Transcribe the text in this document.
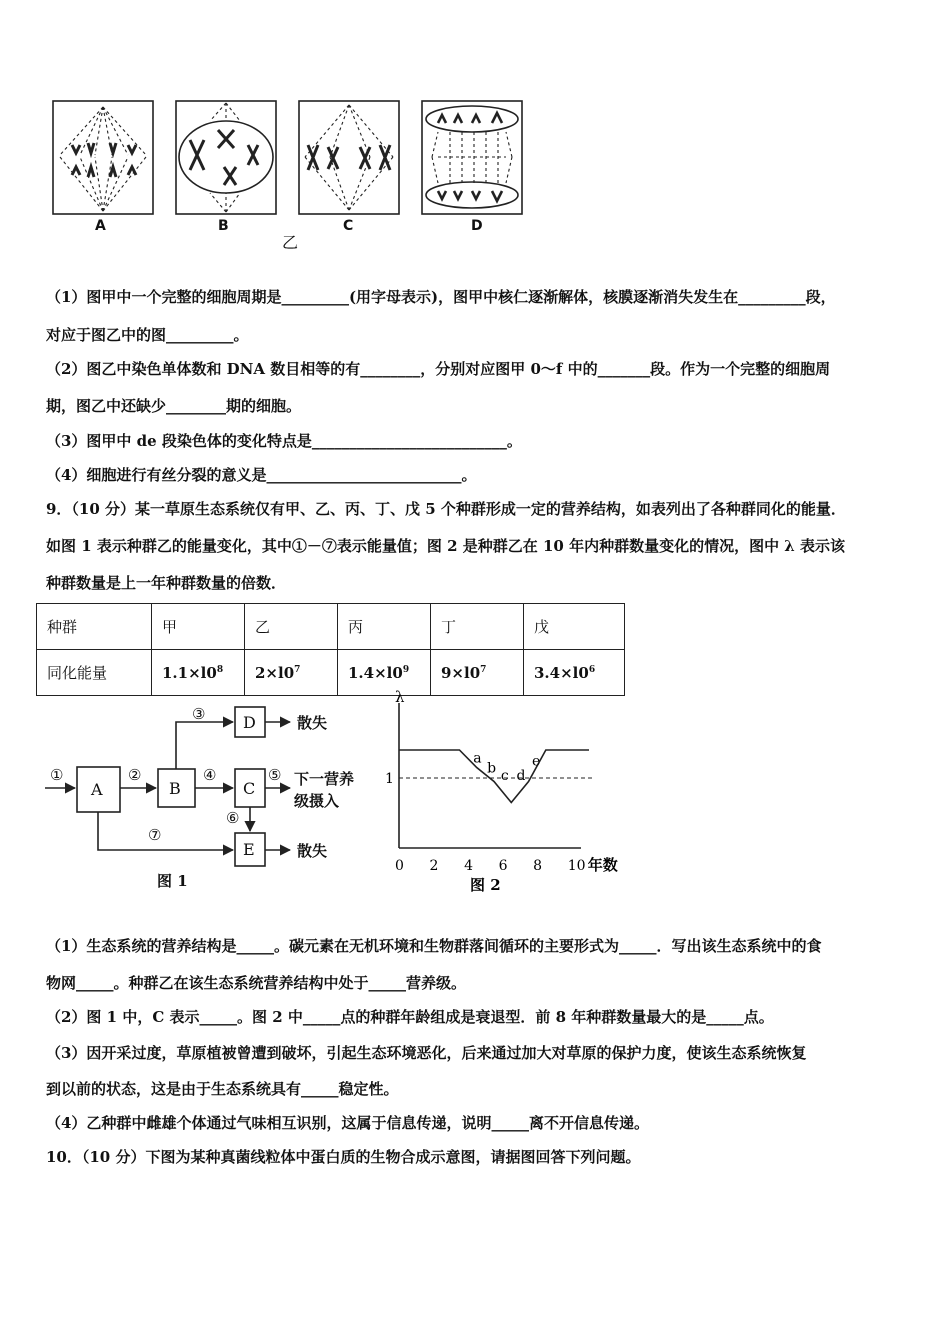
A	B	C	D
乙
（1）图甲中一个完整的细胞周期是_________(用字母表示)，图甲中核仁逐渐解体，核膜逐渐消失发生在_________段，
对应于图乙中的图_________。
（2）图乙中染色单体数和 DNA 数目相等的有________，分别对应图甲 0～f 中的_______段。作为一个完整的细胞周
期，图乙中还缺少________期的细胞。
（3）图甲中 de 段染色体的变化特点是__________________________。
（4）细胞进行有丝分裂的意义是__________________________。
9．（10 分）某一草原生态系统仅有甲、乙、丙、丁、戊 5 个种群形成一定的营养结构，如表列出了各种群同化的能量．
如图 1 表示种群乙的能量变化，其中①－⑦表示能量值；图 2 是种群乙在 10 年内种群数量变化的情况，图中 λ 表示该
种群数量是上一年种群数量的倍数．
种群	甲	乙	丙	丁	戊
同化能量	$1.1\times l0^8$	$2\times l0^7$	$1.4\times l0^9$	$9\times l0^7$	$3.4\times l0^6$
A	B	C
D
E
①	②
③
④	⑤
⑥
⑦
散失
下一营养
级摄入
散失
图 1
λ
1
0 2 4 6 8 10 年数
a
b c d
e
图 2
（1）生态系统的营养结构是_____。碳元素在无机环境和生物群落间循环的主要形式为_____．写出该生态系统中的食
物网_____。种群乙在该生态系统营养结构中处于_____营养级。
（2）图 1 中，C 表示_____。图 2 中_____点的种群年龄组成是衰退型．前 8 年种群数量最大的是_____点。
（3）因开采过度，草原植被曾遭到破坏，引起生态环境恶化，后来通过加大对草原的保护力度，使该生态系统恢复
到以前的状态，这是由于生态系统具有_____稳定性。
（4）乙种群中雌雄个体通过气味相互识别，这属于信息传递，说明_____离不开信息传递。
10．（10 分）下图为某种真菌线粒体中蛋白质的生物合成示意图，请据图回答下列问题。
